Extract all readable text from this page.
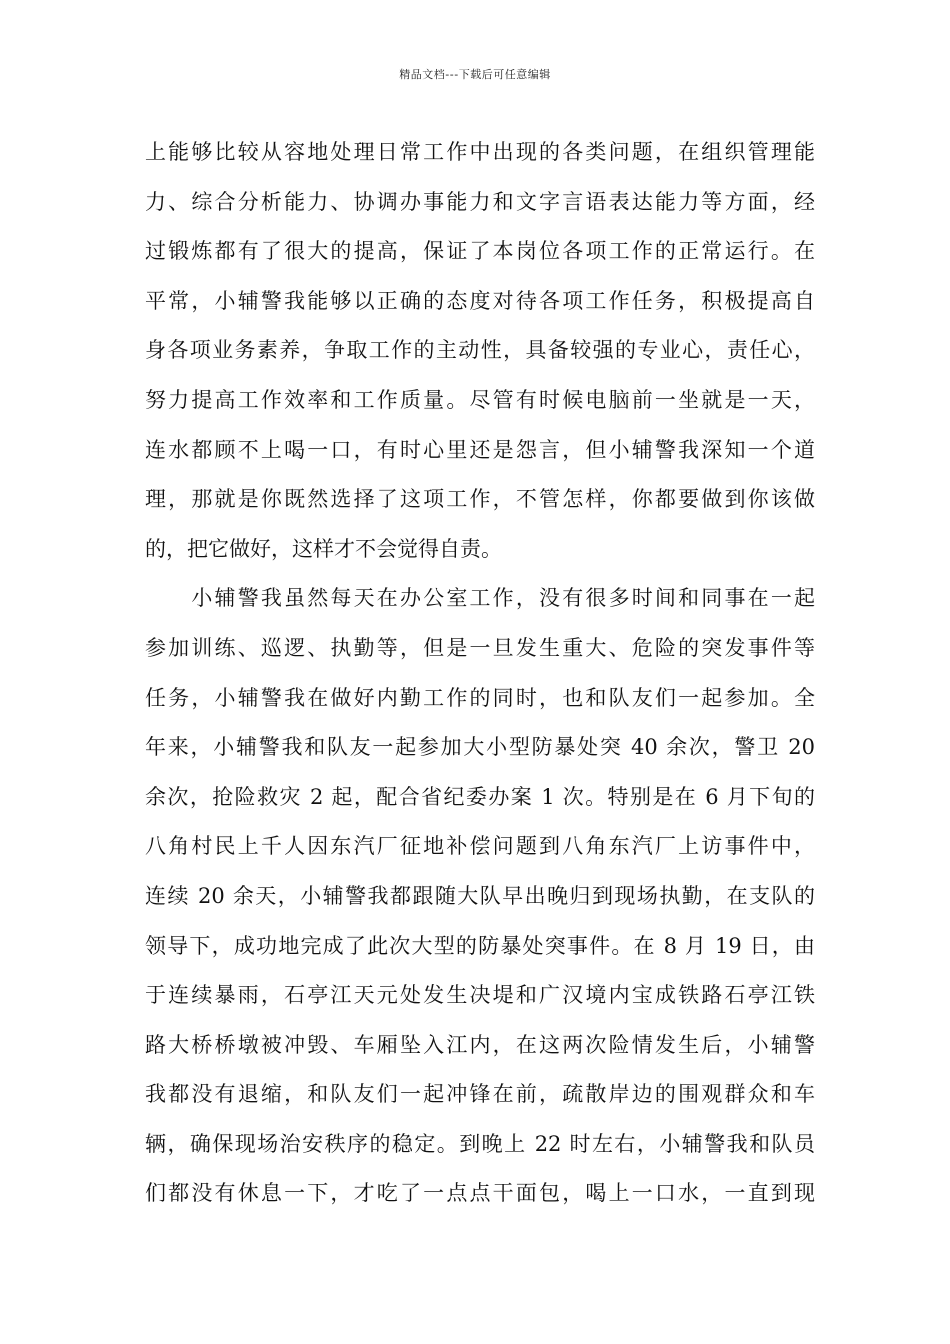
精品文档---下载后可任意编辑
上能够比较从容地处理日常工作中出现的各类问题，在组织管理能
力、综合分析能力、协调办事能力和文字言语表达能力等方面，经
过锻炼都有了很大的提高，保证了本岗位各项工作的正常运行。在
平常，小辅警我能够以正确的态度对待各项工作任务，积极提高自
身各项业务素养，争取工作的主动性，具备较强的专业心，责任心，
努力提高工作效率和工作质量。尽管有时候电脑前一坐就是一天，
连水都顾不上喝一口，有时心里还是怨言，但小辅警我深知一个道
理，那就是你既然选择了这项工作，不管怎样，你都要做到你该做
的，把它做好，这样才不会觉得自责。
　　小辅警我虽然每天在办公室工作，没有很多时间和同事在一起
参加训练、巡逻、执勤等，但是一旦发生重大、危险的突发事件等
任务，小辅警我在做好内勤工作的同时，也和队友们一起参加。全
年来，小辅警我和队友一起参加大小型防暴处突 40 余次，警卫 20
余次，抢险救灾 2 起，配合省纪委办案 1 次。特别是在 6 月下旬的
八角村民上千人因东汽厂征地补偿问题到八角东汽厂上访事件中，
连续 20 余天，小辅警我都跟随大队早出晚归到现场执勤，在支队的
领导下，成功地完成了此次大型的防暴处突事件。在 8 月 19 日，由
于连续暴雨，石亭江天元处发生决堤和广汉境内宝成铁路石亭江铁
路大桥桥墩被冲毁、车厢坠入江内，在这两次险情发生后，小辅警
我都没有退缩，和队友们一起冲锋在前，疏散岸边的围观群众和车
辆，确保现场治安秩序的稳定。到晚上 22 时左右，小辅警我和队员
们都没有休息一下，才吃了一点点干面包，喝上一口水，一直到现
